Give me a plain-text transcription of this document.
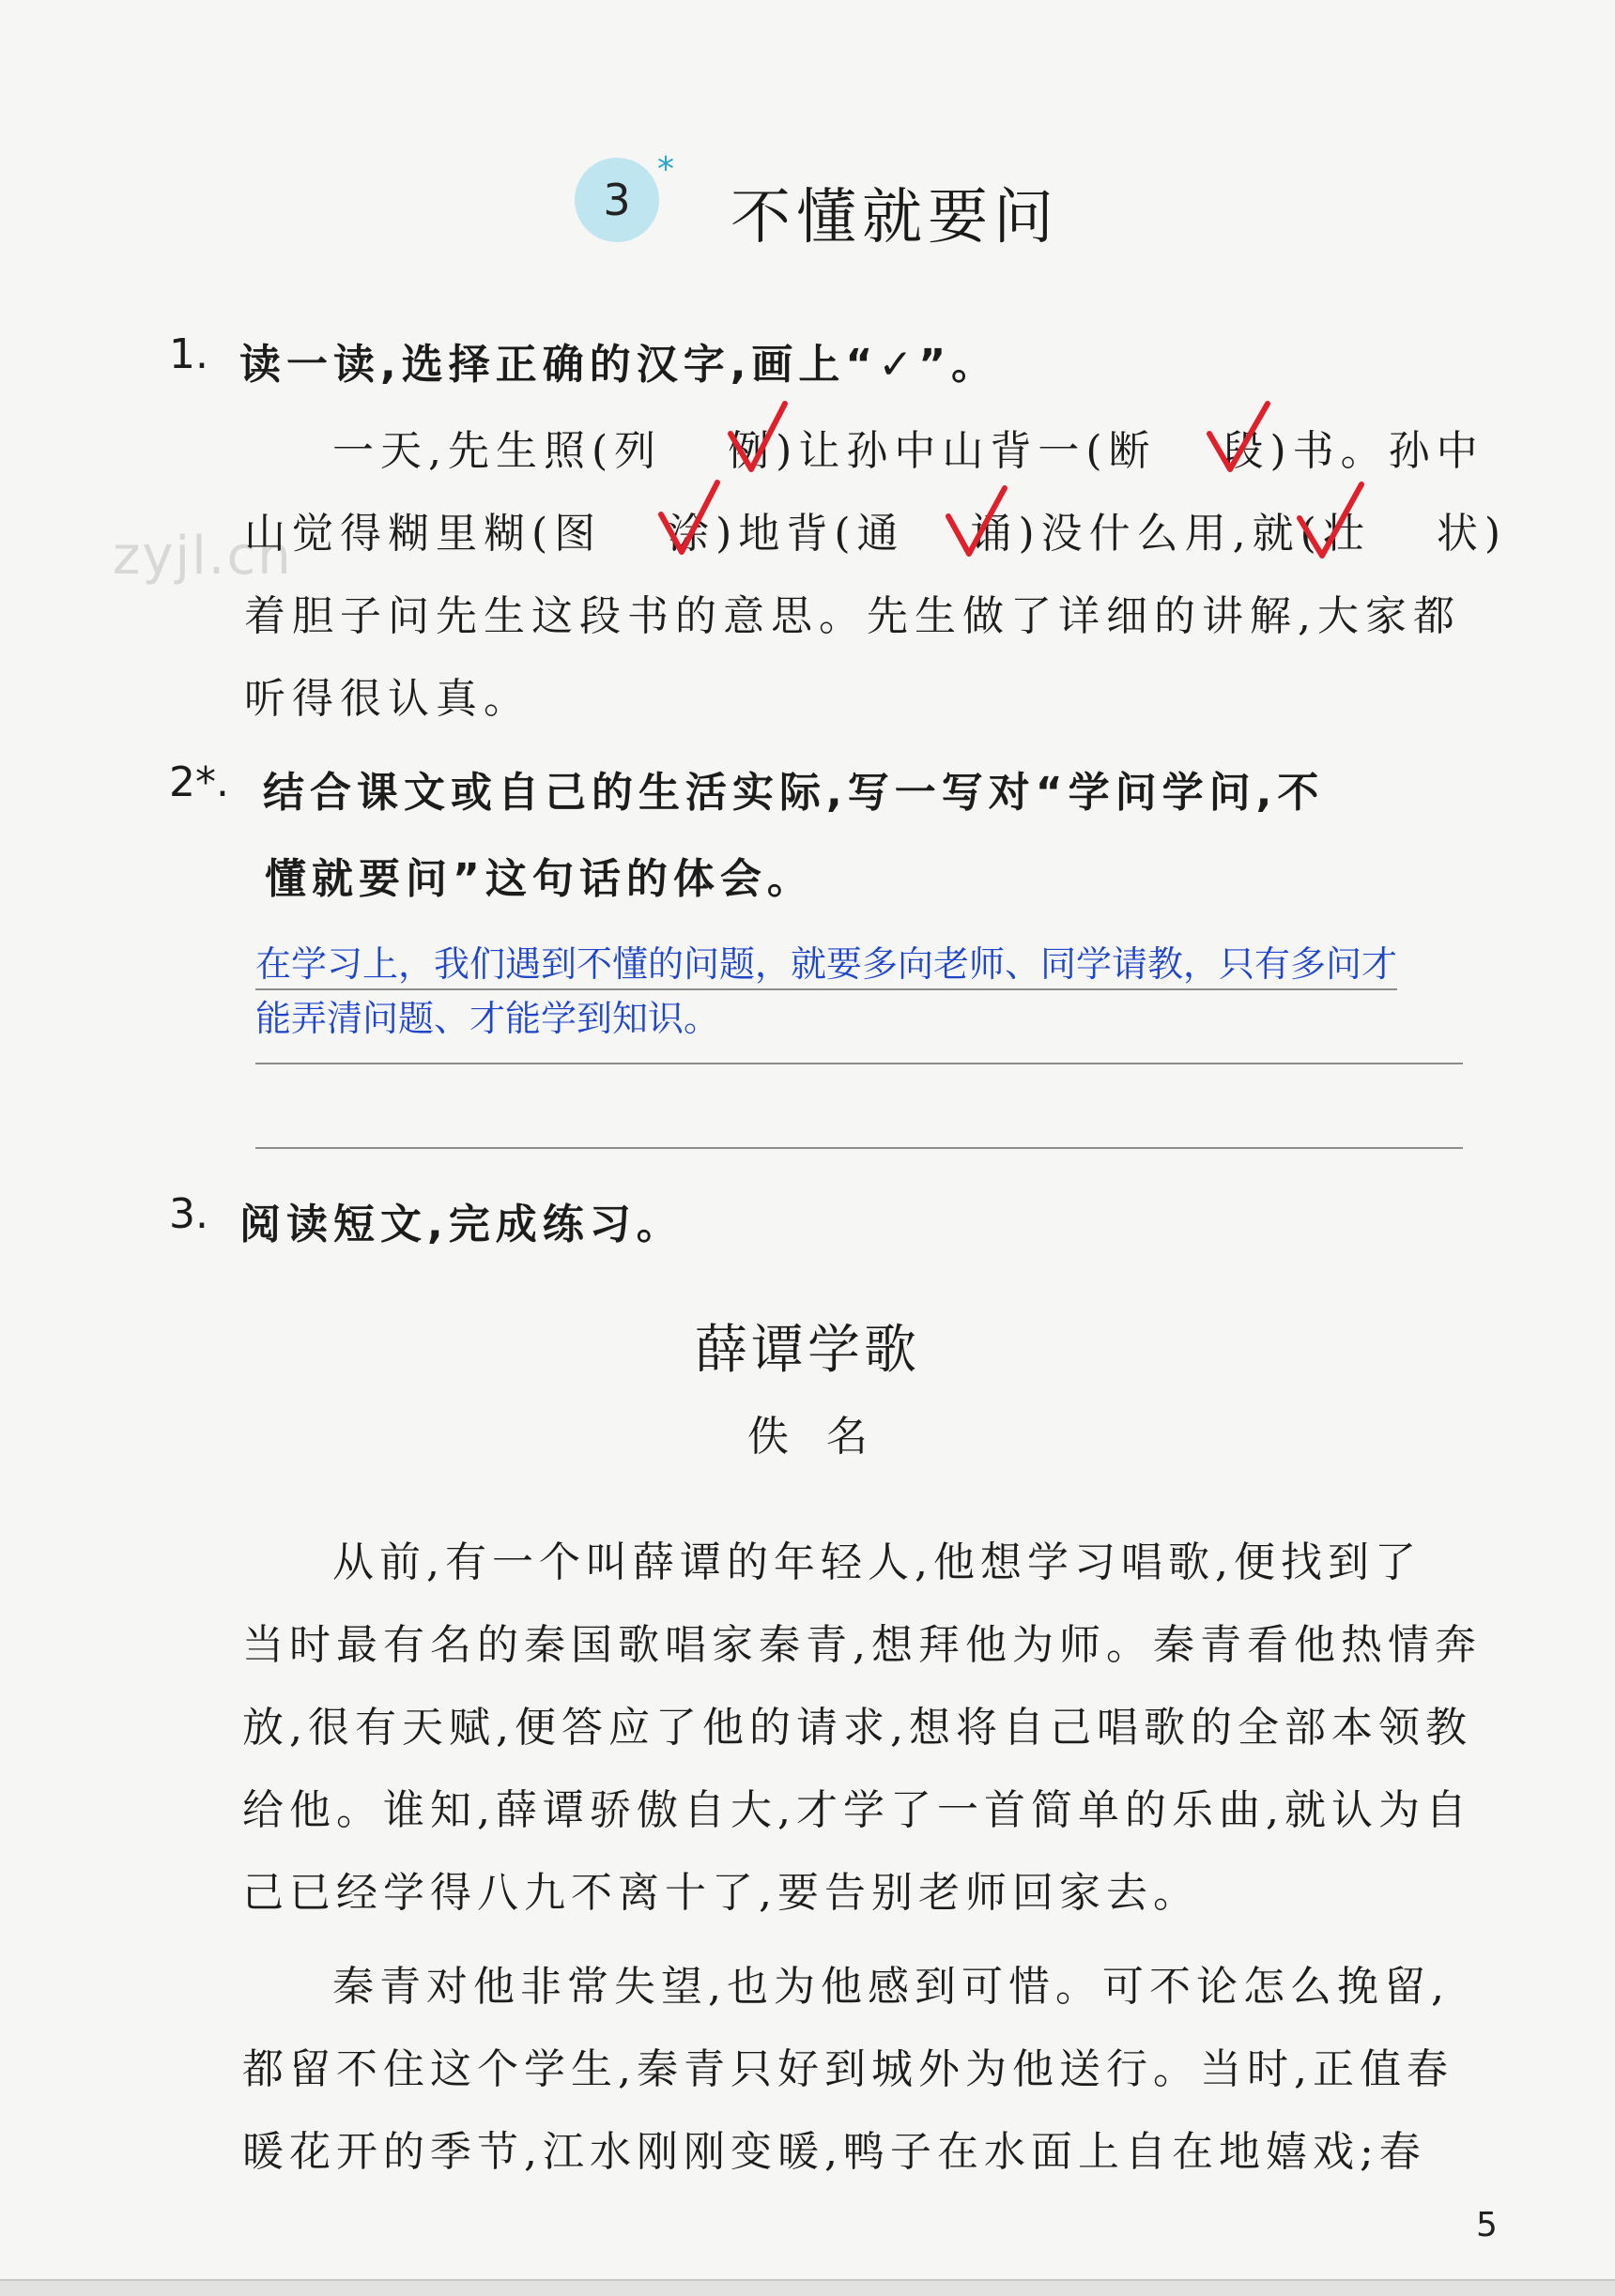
3
*
不懂就要问
zyjl.cn
1. 读一读,选择正确的汉字,画上“✓”。
一天,先生照(列 例)让孙中山背一(断 段)书。孙中
山觉得糊里糊(图 涂)地背(通 诵)没什么用,就(壮 状)
着胆子问先生这段书的意思。先生做了详细的讲解,大家都
听得很认真。
2*. 结合课文或自己的生活实际,写一写对“学问学问,不
懂就要问”这句话的体会。
在学习上，我们遇到不懂的问题，就要多向老师、同学请教，只有多问才
能弄清问题、才能学到知识。
3. 阅读短文,完成练习。
薛谭学歌
佚名
从前,有一个叫薛谭的年轻人,他想学习唱歌,便找到了
当时最有名的秦国歌唱家秦青,想拜他为师。秦青看他热情奔
放,很有天赋,便答应了他的请求,想将自己唱歌的全部本领教
给他。谁知,薛谭骄傲自大,才学了一首简单的乐曲,就认为自
己已经学得八九不离十了,要告别老师回家去。
秦青对他非常失望,也为他感到可惜。可不论怎么挽留,
都留不住这个学生,秦青只好到城外为他送行。当时,正值春
暖花开的季节,江水刚刚变暖,鸭子在水面上自在地嬉戏;春
5
